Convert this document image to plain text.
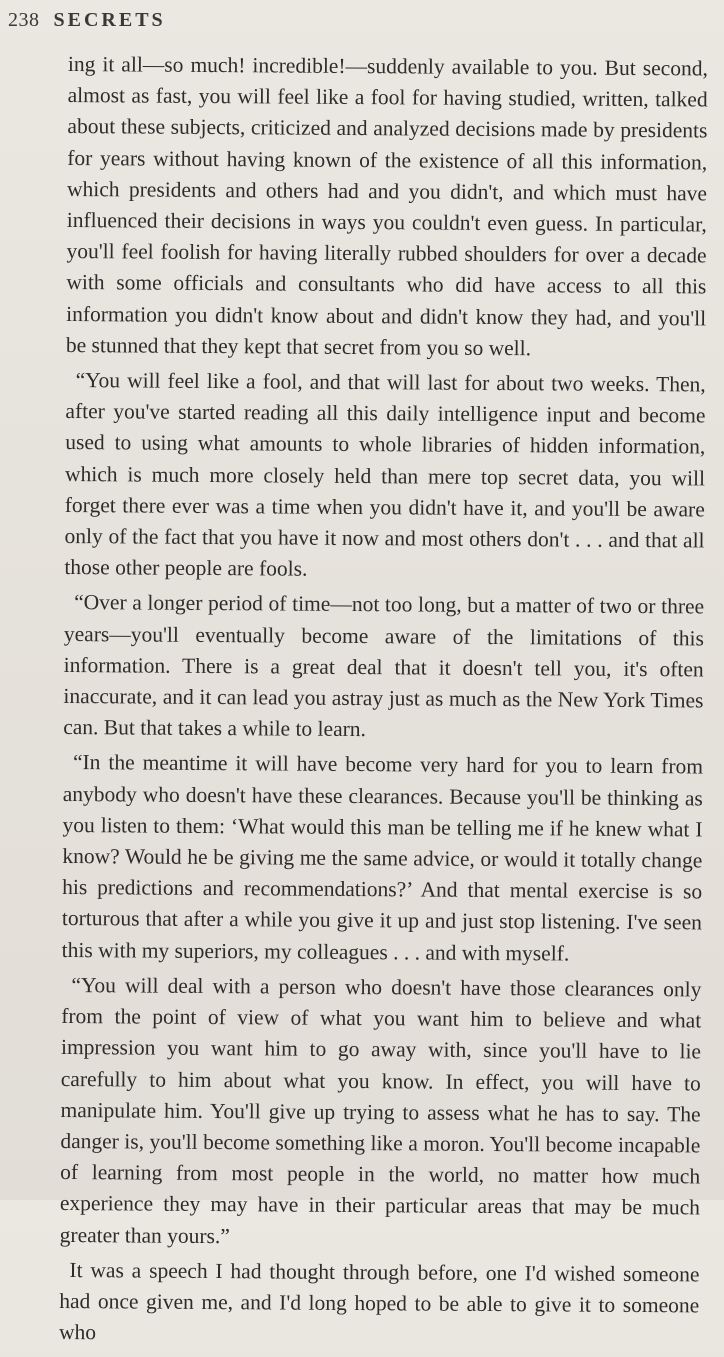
238 SECRETS

ing it all—so much! incredible!—suddenly available to you. But second, almost as fast, you will feel like a fool for having studied, written, talked about these subjects, criticized and analyzed decisions made by presidents for years without having known of the existence of all this information, which presidents and others had and you didn't, and which must have influenced their decisions in ways you couldn't even guess. In particular, you'll feel foolish for having literally rubbed shoulders for over a decade with some officials and consultants who did have access to all this information you didn't know about and didn't know they had, and you'll be stunned that they kept that secret from you so well.

“You will feel like a fool, and that will last for about two weeks. Then, after you've started reading all this daily intelligence input and become used to using what amounts to whole libraries of hidden information, which is much more closely held than mere top secret data, you will forget there ever was a time when you didn't have it, and you'll be aware only of the fact that you have it now and most others don't . . . and that all those other people are fools.

“Over a longer period of time—not too long, but a matter of two or three years—you'll eventually become aware of the limitations of this information. There is a great deal that it doesn't tell you, it's often inaccurate, and it can lead you astray just as much as the New York Times can. But that takes a while to learn.

“In the meantime it will have become very hard for you to learn from anybody who doesn't have these clearances. Because you'll be thinking as you listen to them: ‘What would this man be telling me if he knew what I know? Would he be giving me the same advice, or would it totally change his predictions and recommendations?’ And that mental exercise is so torturous that after a while you give it up and just stop listening. I've seen this with my superiors, my colleagues . . . and with myself.

“You will deal with a person who doesn't have those clearances only from the point of view of what you want him to believe and what impression you want him to go away with, since you'll have to lie carefully to him about what you know. In effect, you will have to manipulate him. You'll give up trying to assess what he has to say. The danger is, you'll become something like a moron. You'll become incapable of learning from most people in the world, no matter how much experience they may have in their particular areas that may be much greater than yours.”

It was a speech I had thought through before, one I'd wished someone had once given me, and I'd long hoped to be able to give it to someone who
